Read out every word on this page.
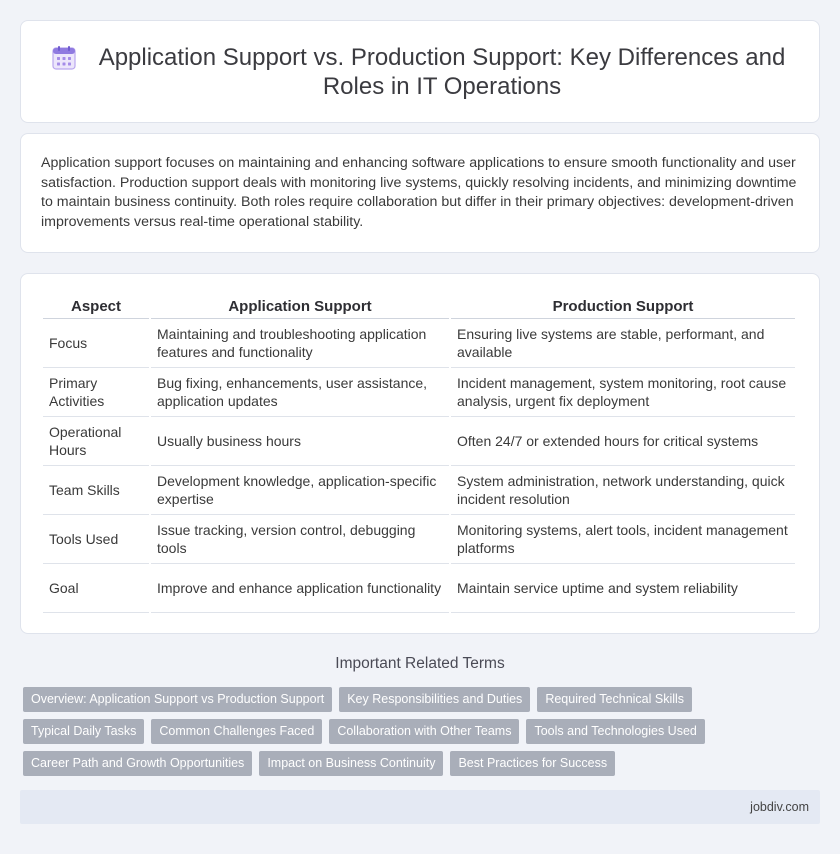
Application Support vs. Production Support: Key Differences and Roles in IT Operations

Application support focuses on maintaining and enhancing software applications to ensure smooth functionality and user satisfaction. Production support deals with monitoring live systems, quickly resolving incidents, and minimizing downtime to maintain business continuity. Both roles require collaboration but differ in their primary objectives: development-driven improvements versus real-time operational stability.

Aspect	Application Support	Production Support
Focus	Maintaining and troubleshooting application features and functionality	Ensuring live systems are stable, performant, and available
Primary Activities	Bug fixing, enhancements, user assistance, application updates	Incident management, system monitoring, root cause analysis, urgent fix deployment
Operational Hours	Usually business hours	Often 24/7 or extended hours for critical systems
Team Skills	Development knowledge, application-specific expertise	System administration, network understanding, quick incident resolution
Tools Used	Issue tracking, version control, debugging tools	Monitoring systems, alert tools, incident management platforms
Goal	Improve and enhance application functionality	Maintain service uptime and system reliability
Important Related Terms
Overview: Application Support vs Production Support	Key Responsibilities and Duties	Required Technical Skills
Typical Daily Tasks	Common Challenges Faced	Collaboration with Other Teams	Tools and Technologies Used
Career Path and Growth Opportunities	Impact on Business Continuity	Best Practices for Success
jobdiv.com
